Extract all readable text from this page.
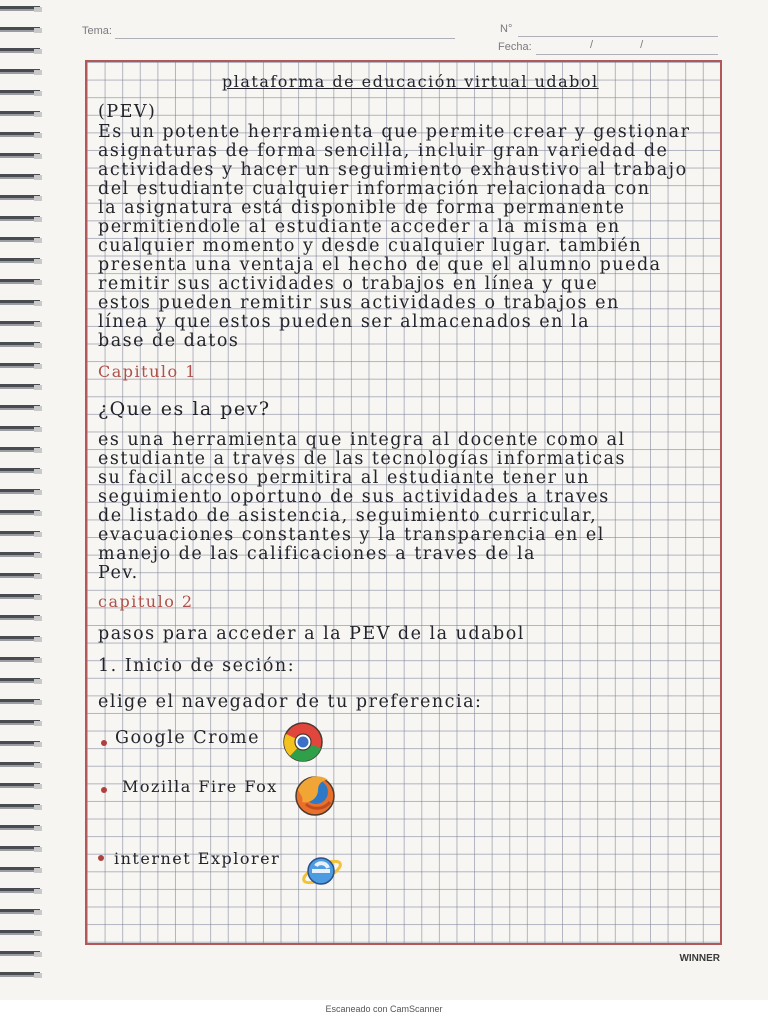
Tema:	N°
Fecha:	/ /
plataforma de educación virtual udabol
(PEV)
Es un potente herramienta que permite crear y gestionar
asignaturas de forma sencilla, incluir gran variedad de
actividades y hacer un seguimiento exhaustivo al trabajo
del estudiante cualquier información relacionada con
la asignatura está disponible de forma permanente
permitiendole al estudiante acceder a la misma en
cualquier momento y desde cualquier lugar. también
presenta una ventaja el hecho de que el alumno pueda
remitir sus actividades o trabajos en línea y que
estos pueden remitir sus actividades o trabajos en
línea y que estos pueden ser almacenados en la
base de datos
Capitulo 1
¿Que es la pev?
es una herramienta que integra al docente como al
estudiante a traves de las tecnologías informaticas
su facil acceso permitira al estudiante tener un
seguimiento oportuno de sus actividades a traves
de listado de asistencia, seguimiento curricular,
evacuaciones constantes y la transparencia en el
manejo de las calificaciones a traves de la
Pev.
capitulo 2
pasos para acceder a la PEV de la udabol
1. Inicio de seción:
elige el navegador de tu preferencia:
Google Crome
Mozilla Fire Fox
internet Explorer
WINNER
Escaneado con CamScanner
